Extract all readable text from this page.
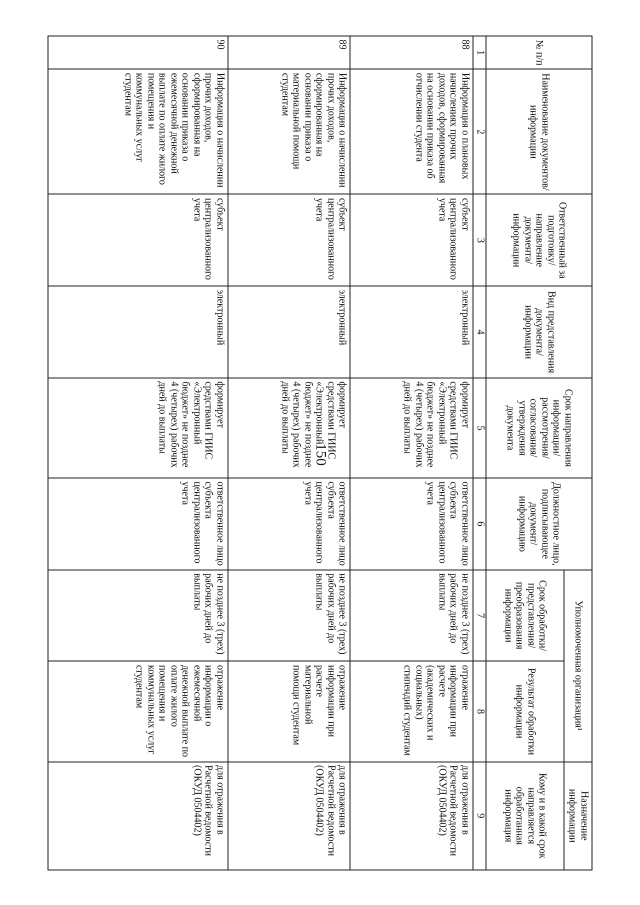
150
№ п/п	Наименование документов/ информации	Ответственный за подготовку/ направление документа/ информации	Вид представления документа/ информации	Срок направления информации/ рассмотрения/ согласования/ утверждения документа	Должностное лицо, подписывающее документ/ информацию	Уполномоченная организация¹		Назначение информации
						Срок обработки/ представления/ преобразования информации	Результат обработки информации	Кому и в какой срок направляется обработанная информация
1	2	3	4	5	6	7	8	9
88	Информация о плановых начислениях прочих доходов, сформированная на основании приказа об отчислении студента	субъект централизованного учета	электронный	формирует средствами ГИИС «Электронный бюджет» не позднее 4 (четырех) рабочих дней до выплаты	ответственное лицо субъекта централизованного учета	не позднее 3 (трех) рабочих дней до выплаты	отражение информации при расчете (академических и социальных) стипендий студентам	для отражения в Расчетной ведомости (ОКУД 0504402)
89	Информация о начислении прочих доходов, сформированная на основании приказа о материальной помощи студентам	субъект централизованного учета	электронный	формирует средствами ГИИС «Электронный бюджет» не позднее 4 (четырех) рабочих дней до выплаты	ответственное лицо субъекта централизованного учета	не позднее 3 (трех) рабочих дней до выплаты	отражение информации при расчете материальной помощи студентам	для отражения в Расчетной ведомости (ОКУД 0504402)
90	Информация о начислении прочих доходов, сформированная на основании приказа о ежемесячной денежной выплате по оплате жилого помещения и коммунальных услуг студентам	субъект централизованного учета	электронный	формирует средствами ГИИС «Электронный бюджет» не позднее 4 (четырех) рабочих дней до выплаты	ответственное лицо субъекта централизованного учета	не позднее 3 (трех) рабочих дней до выплаты	отражение информации о ежемесячной денежной выплате по оплате жилого помещения и коммунальных услуг студентам	для отражения в Расчетной ведомости (ОКУД 0504402)
